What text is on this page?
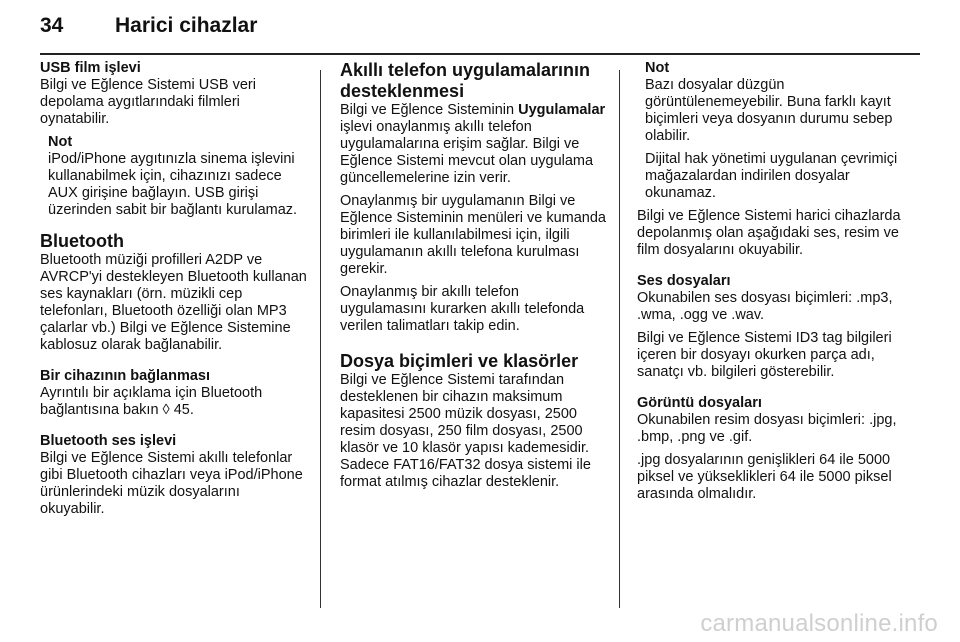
34	Harici cihazlar

USB film işlevi

Bilgi ve Eğlence Sistemi USB veri depolama aygıtlarındaki filmleri oynatabilir.

Not

iPod/iPhone aygıtınızla sinema işlevini kullanabilmek için, cihazınızı sadece AUX girişine bağlayın. USB girişi üzerinden sabit bir bağlantı kurulamaz.

Bluetooth

Bluetooth müziği profilleri A2DP ve AVRCP'yi destekleyen Bluetooth kullanan ses kaynakları (örn. müzikli cep telefonları, Bluetooth özelliği olan MP3 çalarlar vb.) Bilgi ve Eğlence Sistemine kablosuz olarak bağlanabilir.

Bir cihazının bağlanması

Ayrıntılı bir açıklama için Bluetooth bağlantısına bakın ◊ 45.

Bluetooth ses işlevi

Bilgi ve Eğlence Sistemi akıllı telefonlar gibi Bluetooth cihazları veya iPod/iPhone ürünlerindeki müzik dosyalarını okuyabilir.

Akıllı telefon uygulamalarının desteklenmesi

Bilgi ve Eğlence Sisteminin Uygulamalar işlevi onaylanmış akıllı telefon uygulamalarına erişim sağlar. Bilgi ve Eğlence Sistemi mevcut olan uygulama güncellemelerine izin verir.

Onaylanmış bir uygulamanın Bilgi ve Eğlence Sisteminin menüleri ve kumanda birimleri ile kullanılabilmesi için, ilgili uygulamanın akıllı telefona kurulması gerekir.

Onaylanmış bir akıllı telefon uygulamasını kurarken akıllı telefonda verilen talimatları takip edin.

Dosya biçimleri ve klasörler

Bilgi ve Eğlence Sistemi tarafından desteklenen bir cihazın maksimum kapasitesi 2500 müzik dosyası, 2500 resim dosyası, 250 film dosyası, 2500 klasör ve 10 klasör yapısı kademesidir. Sadece FAT16/FAT32 dosya sistemi ile format atılmış cihazlar desteklenir.

Not

Bazı dosyalar düzgün görüntülenemeyebilir. Buna farklı kayıt biçimleri veya dosyanın durumu sebep olabilir.

Dijital hak yönetimi uygulanan çevrimiçi mağazalardan indirilen dosyalar okunamaz.

Bilgi ve Eğlence Sistemi harici cihazlarda depolanmış olan aşağıdaki ses, resim ve film dosyalarını okuyabilir.

Ses dosyaları

Okunabilen ses dosyası biçimleri: .mp3, .wma, .ogg ve .wav.

Bilgi ve Eğlence Sistemi ID3 tag bilgileri içeren bir dosyayı okurken parça adı, sanatçı vb. bilgileri gösterebilir.

Görüntü dosyaları

Okunabilen resim dosyası biçimleri: .jpg, .bmp, .png ve .gif.

.jpg dosyalarının genişlikleri 64 ile 5000 piksel ve yükseklikleri 64 ile 5000 piksel arasında olmalıdır.

carmanualsonline.info
